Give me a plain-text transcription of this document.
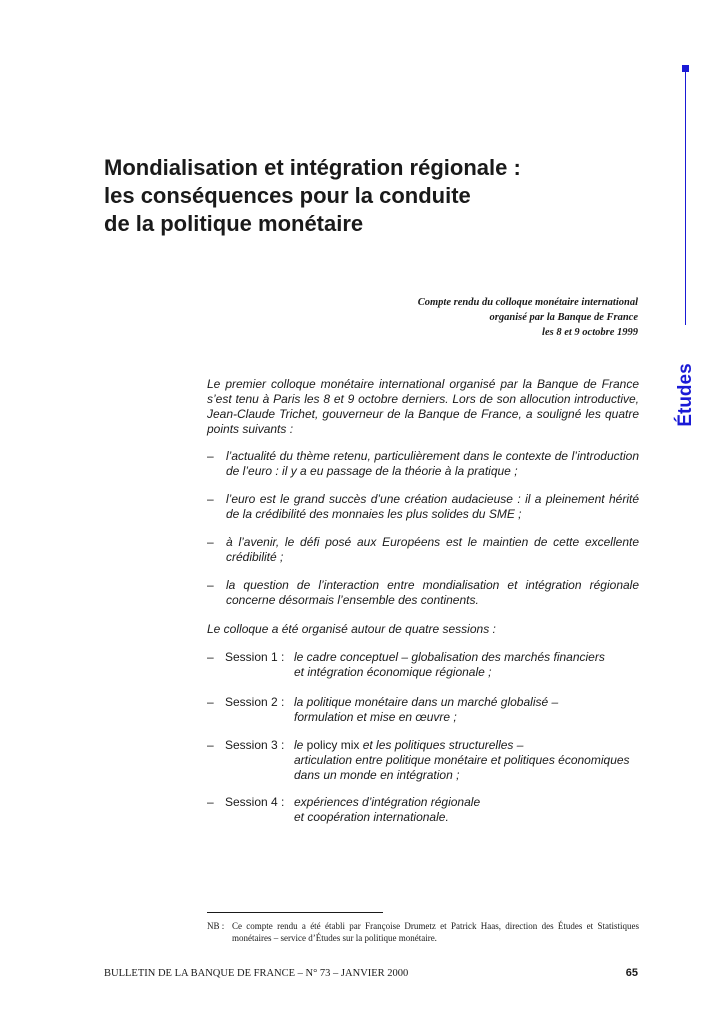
Études
Mondialisation et intégration régionale :
les conséquences pour la conduite
de la politique monétaire
Compte rendu du colloque monétaire international
organisé par la Banque de France
les 8 et 9 octobre 1999
Le premier colloque monétaire international organisé par la Banque de France s’est tenu à Paris les 8 et 9 octobre derniers. Lors de son allocution introductive, Jean-Claude Trichet, gouverneur de la Banque de France, a souligné les quatre points suivants :
– l’actualité du thème retenu, particulièrement dans le contexte de l’introduction de l’euro : il y a eu passage de la théorie à la pratique ;
– l’euro est le grand succès d’une création audacieuse : il a pleinement hérité de la crédibilité des monnaies les plus solides du SME ;
– à l’avenir, le défi posé aux Européens est le maintien de cette excellente crédibilité ;
– la question de l’interaction entre mondialisation et intégration régionale concerne désormais l’ensemble des continents.
Le colloque a été organisé autour de quatre sessions :
– Session 1 : le cadre conceptuel – globalisation des marchés financiers
et intégration économique régionale ;
– Session 2 : la politique monétaire dans un marché globalisé –
formulation et mise en œuvre ;
– Session 3 : le policy mix et les politiques structurelles –
articulation entre politique monétaire et politiques économiques
dans un monde en intégration ;
– Session 4 : expériences d’intégration régionale
et coopération internationale.
NB : Ce compte rendu a été établi par Françoise Drumetz et Patrick Haas, direction des Études et Statistiques monétaires – service d’Études sur la politique monétaire.
BULLETIN DE LA BANQUE DE FRANCE – N° 73 – JANVIER 2000	65
